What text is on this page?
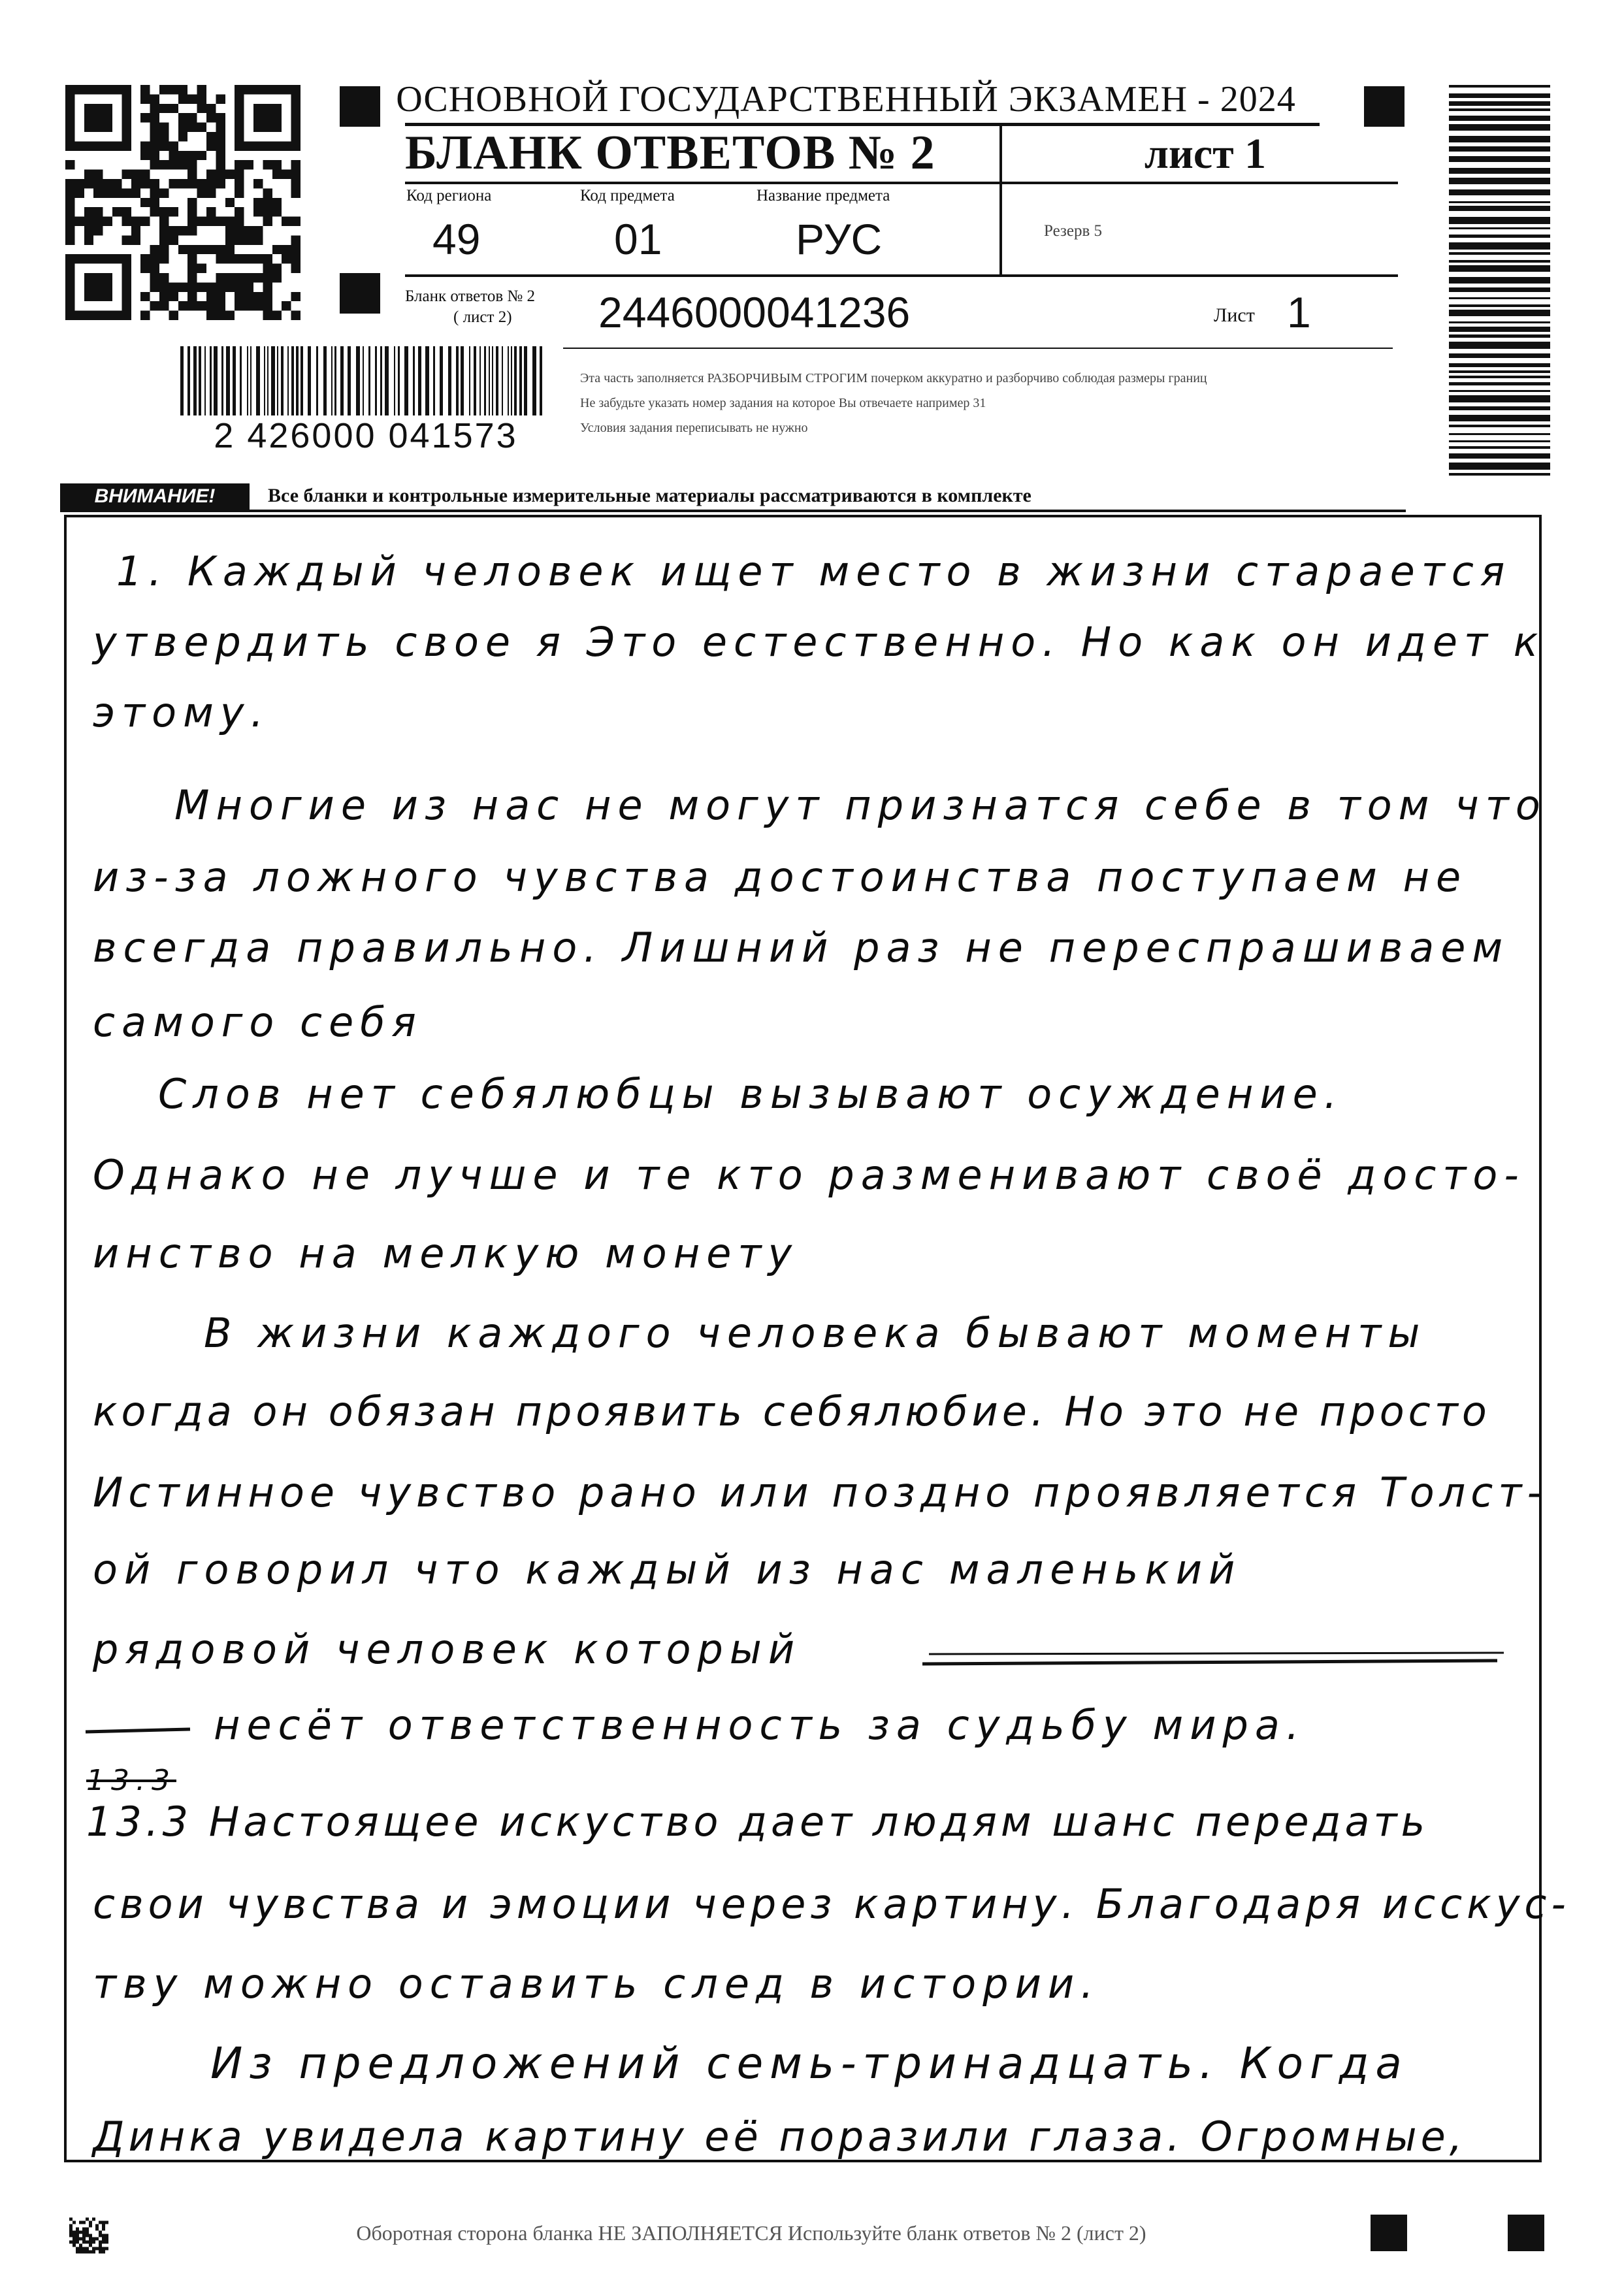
ОСНОВНОЙ ГОСУДАРСТВЕННЫЙ ЭКЗАМЕН - 2024
БЛАНК ОТВЕТОВ № 2	лист 1
Код региона
49
Код предмета
01
Название предмета
РУС	Резерв 5
Бланк ответов № 2
( лист 2) 2446000041236	Лист 1
Эта часть заполняется РАЗБОРЧИВЫМ СТРОГИМ почерком аккуратно и разборчиво соблюдая размеры границ
Не забудьте указать номер задания на которое Вы отвечаете например 31
Условия задания переписывать не нужно
2 426000 041573
ВНИМАНИЕ!	Все бланки и контрольные измерительные материалы рассматриваются в комплекте
1. Каждый человек ищет место в жизни старается
утвердить свое я Это естественно. Но как он идет к
этому.
Многие из нас не могут признатся себе в том что
из-за ложного чувства достоинства поступаем не
всегда правильно. Лишний раз не переспрашиваем
самого себя
Слов нет себялюбцы вызывают осуждение.
Однако не лучше и те кто разменивают своё досто-
инство на мелкую монету
В жизни каждого человека бывают моменты
когда он обязан проявить себялюбие. Но это не просто
Истинное чувство рано или поздно проявляется Толст-
ой говорил что каждый из нас маленький
рядовой человек который
несёт ответственность за судьбу мира.
13.3
13.3 Настоящее искуство дает людям шанс передать
свои чувства и эмоции через картину. Благодаря исскус-
тву можно оставить след в истории.
Из предложений семь-тринадцать. Когда
Динка увидела картину её поразили глаза. Огромные,
Оборотная сторона бланка НЕ ЗАПОЛНЯЕТСЯ Используйте бланк ответов № 2 (лист 2)
